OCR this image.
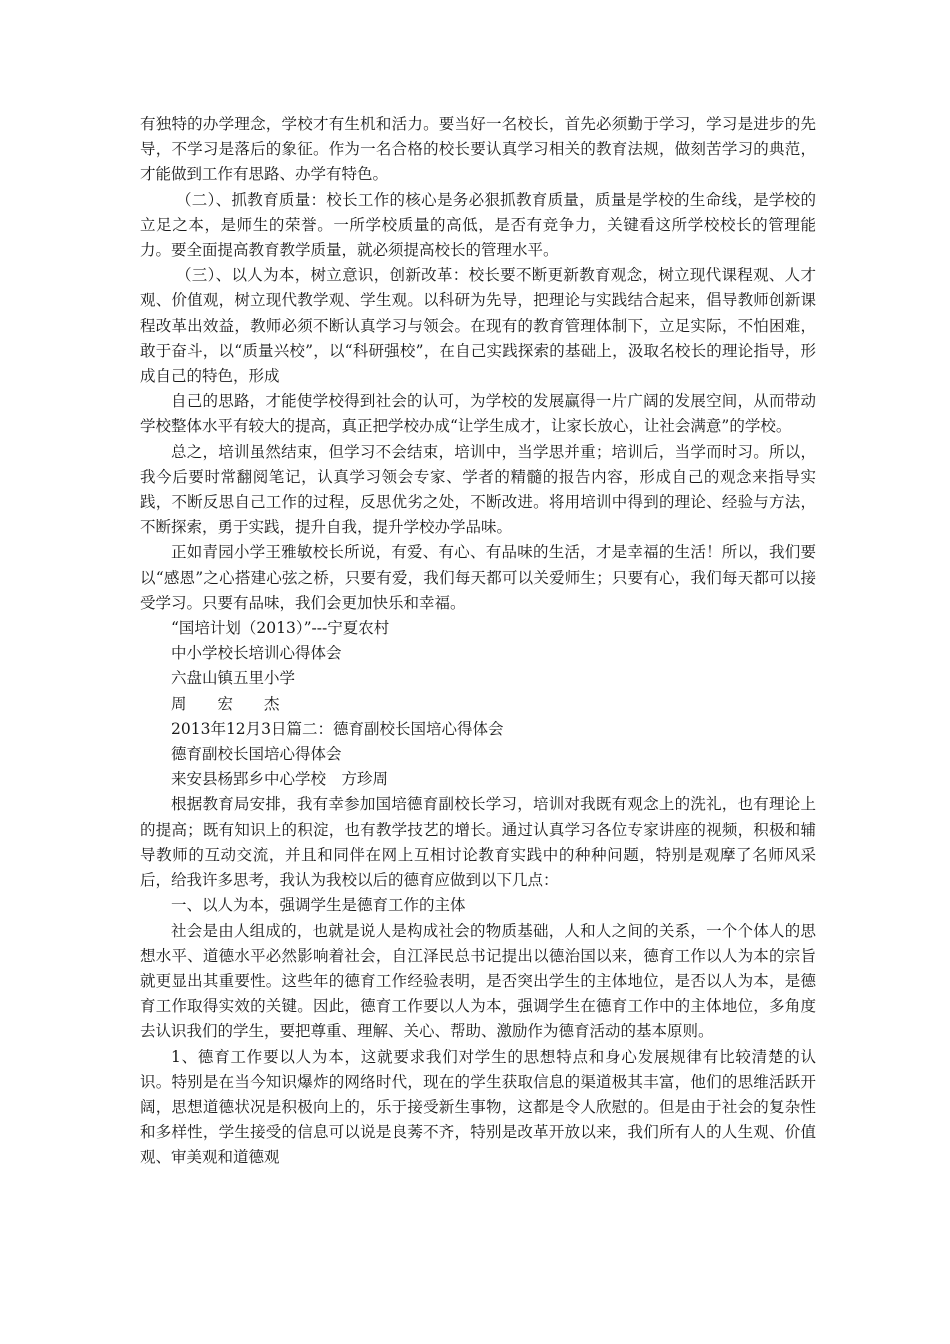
有独特的办学理念，学校才有生机和活力。要当好一名校长，首先必须勤于学习，学习是进步的先导，不学习是落后的象征。作为一名合格的校长要认真学习相关的教育法规，做刻苦学习的典范，才能做到工作有思路、办学有特色。

（二）、抓教育质量：校长工作的核心是务必狠抓教育质量，质量是学校的生命线，是学校的立足之本，是师生的荣誉。一所学校质量的高低，是否有竞争力，关键看这所学校校长的管理能力。要全面提高教育教学质量，就必须提高校长的管理水平。

（三）、以人为本，树立意识，创新改革：校长要不断更新教育观念，树立现代课程观、人才观、价值观，树立现代教学观、学生观。以科研为先导，把理论与实践结合起来，倡导教师创新课程改革出效益，教师必须不断认真学习与领会。在现有的教育管理体制下，立足实际，不怕困难，敢于奋斗，以“质量兴校”，以“科研强校”，在自己实践探索的基础上，汲取名校长的理论指导，形成自己的特色，形成

自己的思路，才能使学校得到社会的认可，为学校的发展赢得一片广阔的发展空间，从而带动学校整体水平有较大的提高，真正把学校办成“让学生成才，让家长放心，让社会满意”的学校。

总之，培训虽然结束，但学习不会结束，培训中，当学思并重；培训后，当学而时习。所以，我今后要时常翻阅笔记，认真学习领会专家、学者的精髓的报告内容，形成自己的观念来指导实践，不断反思自己工作的过程，反思优劣之处，不断改进。将用培训中得到的理论、经验与方法，不断探索，勇于实践，提升自我，提升学校办学品味。

正如青园小学王雅敏校长所说，有爱、有心、有品味的生活，才是幸福的生活！所以，我们要以“感恩”之心搭建心弦之桥，只要有爱，我们每天都可以关爱师生；只要有心，我们每天都可以接受学习。只要有品味，我们会更加快乐和幸福。

“国培计划（2013）”---宁夏农村

中小学校长培训心得体会

六盘山镇五里小学

周　　宏　　杰

2013年12月3日篇二：德育副校长国培心得体会

德育副校长国培心得体会

来安县杨郢乡中心学校　方珍周

根据教育局安排，我有幸参加国培德育副校长学习，培训对我既有观念上的洗礼，也有理论上的提高；既有知识上的积淀，也有教学技艺的增长。通过认真学习各位专家讲座的视频，积极和辅导教师的互动交流，并且和同伴在网上互相讨论教育实践中的种种问题，特别是观摩了名师风采后，给我许多思考，我认为我校以后的德育应做到以下几点：

一、以人为本，强调学生是德育工作的主体

社会是由人组成的，也就是说人是构成社会的物质基础，人和人之间的关系，一个个体人的思想水平、道德水平必然影响着社会，自江泽民总书记提出以德治国以来，德育工作以人为本的宗旨就更显出其重要性。这些年的德育工作经验表明，是否突出学生的主体地位，是否以人为本，是德育工作取得实效的关键。因此，德育工作要以人为本，强调学生在德育工作中的主体地位，多角度去认识我们的学生，要把尊重、理解、关心、帮助、激励作为德育活动的基本原则。

1、德育工作要以人为本，这就要求我们对学生的思想特点和身心发展规律有比较清楚的认识。特别是在当今知识爆炸的网络时代，现在的学生获取信息的渠道极其丰富，他们的思维活跃开阔，思想道德状况是积极向上的，乐于接受新生事物，这都是令人欣慰的。但是由于社会的复杂性和多样性，学生接受的信息可以说是良莠不齐，特别是改革开放以来，我们所有人的人生观、价值观、审美观和道德观
